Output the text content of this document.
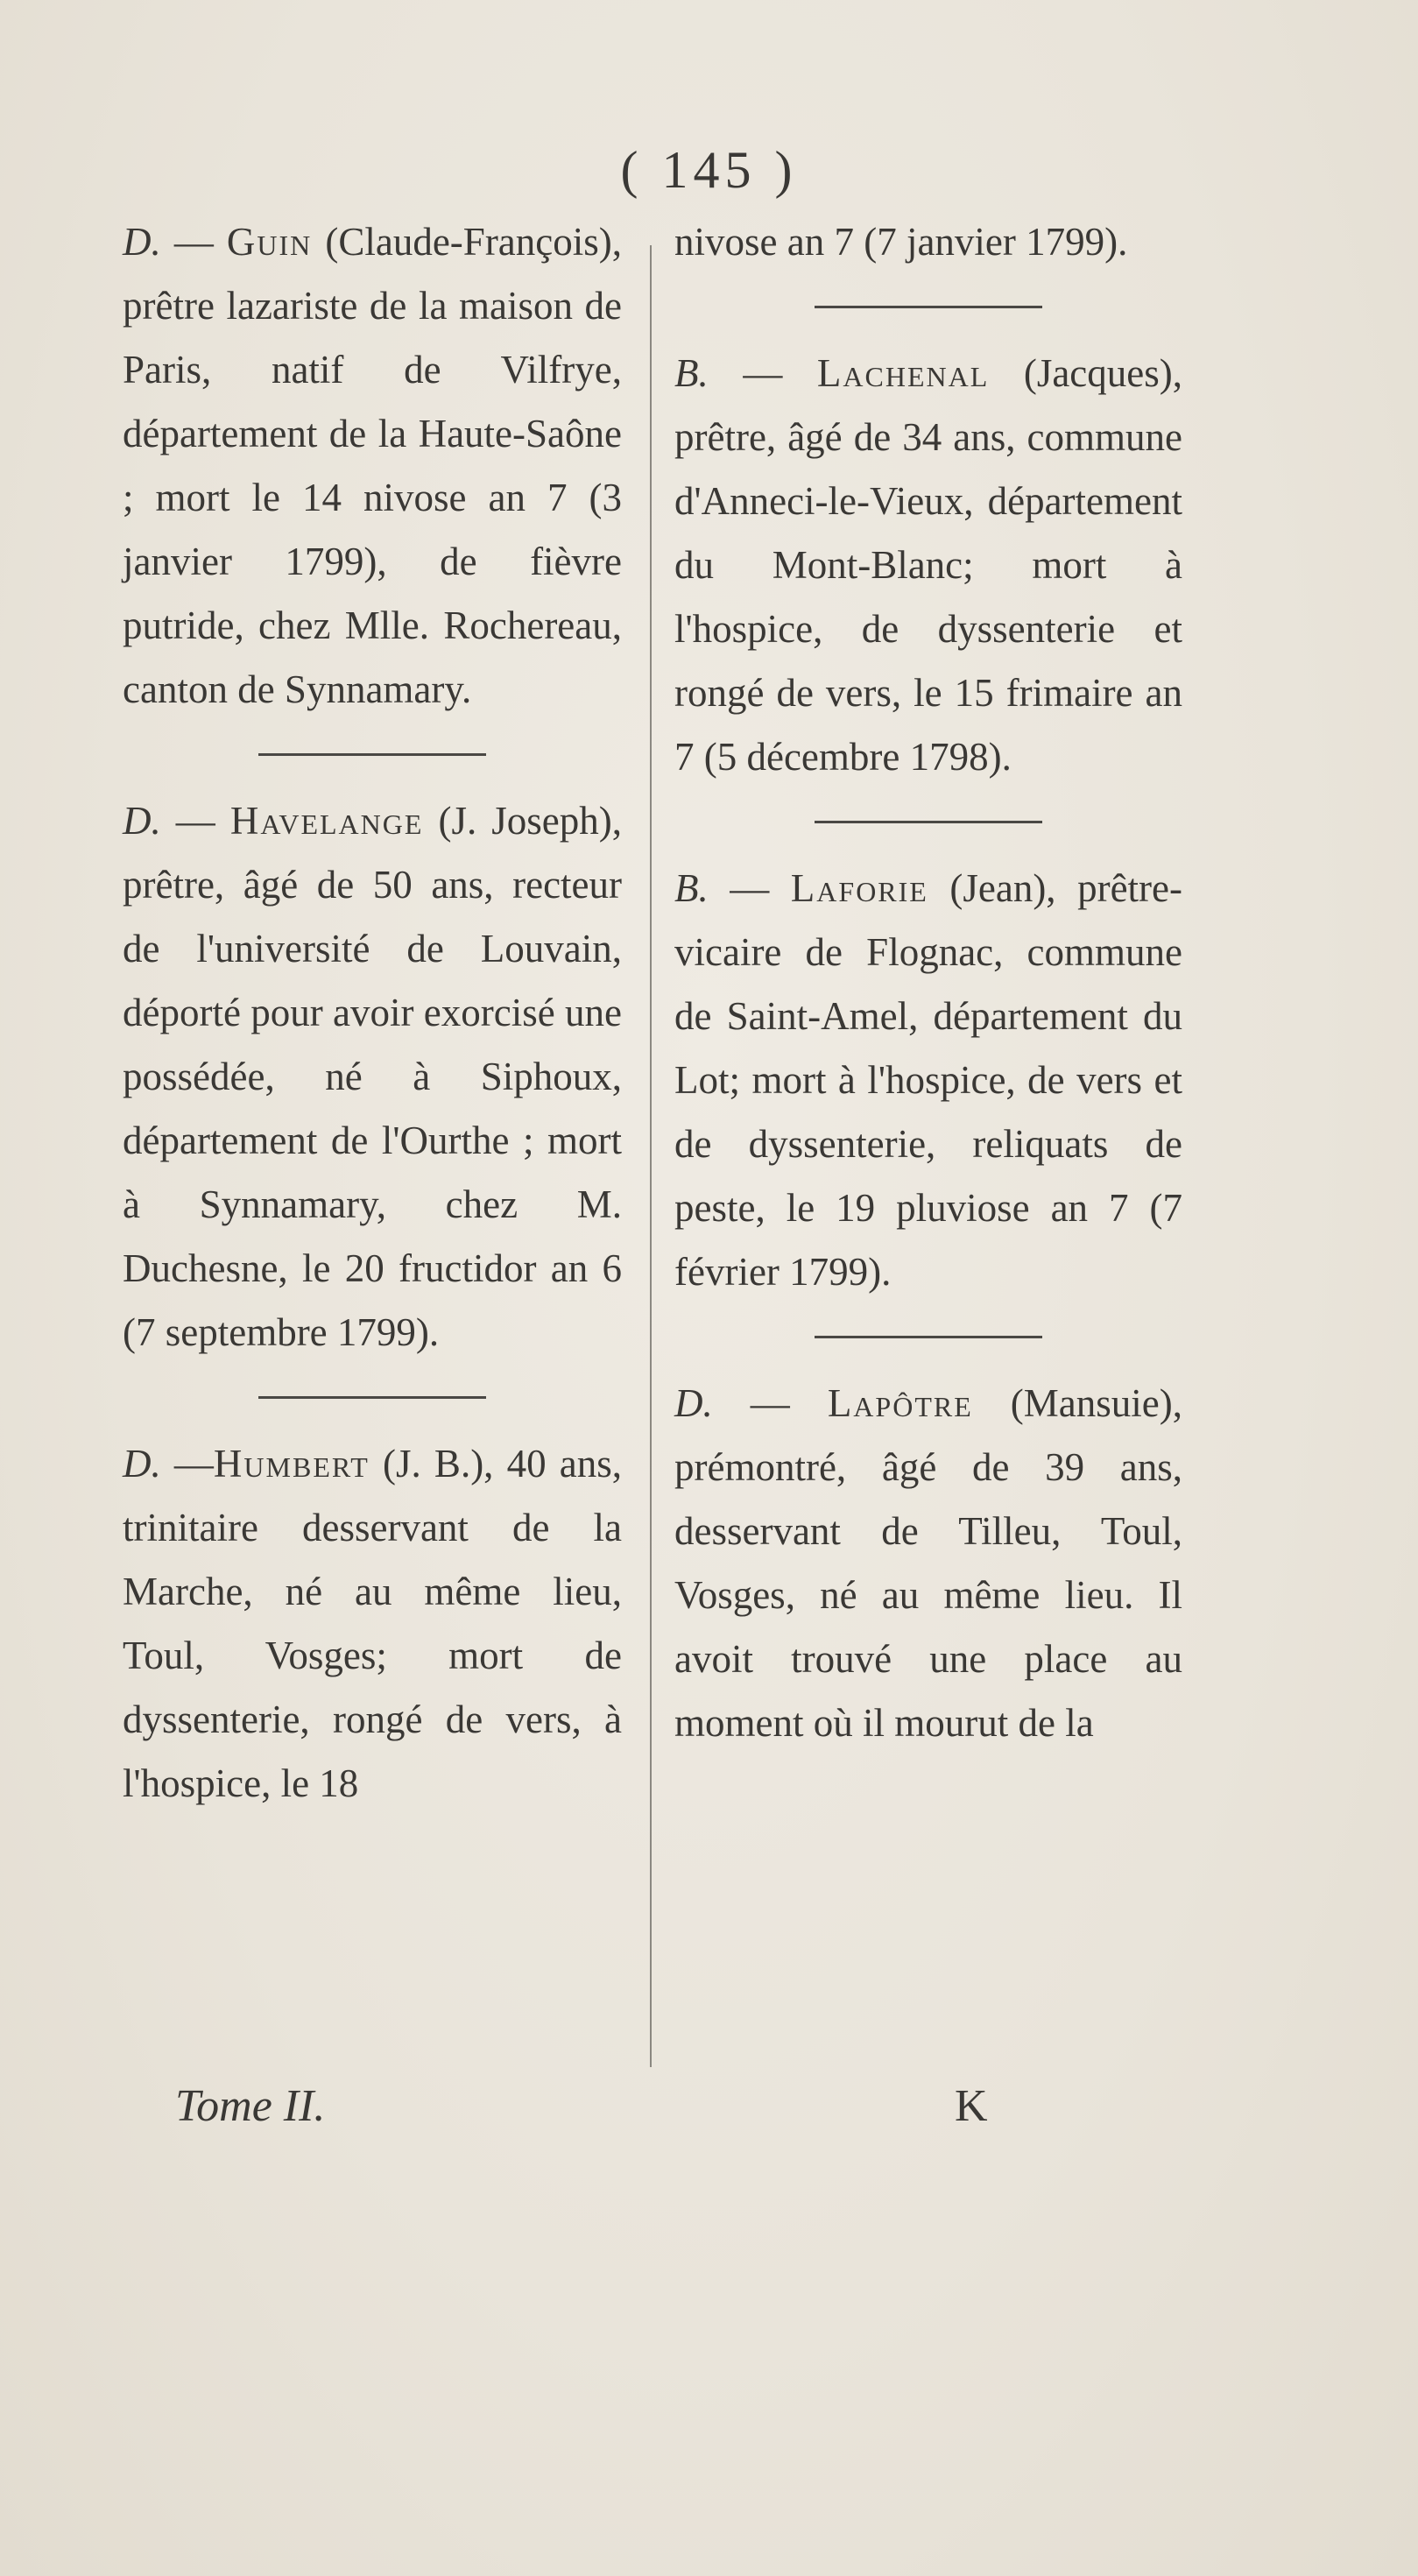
( 145 )

D. — Guin (Claude-François), prêtre lazariste de la maison de Paris, natif de Vilfrye, département de la Haute-Saône ; mort le 14 nivose an 7 (3 janvier 1799), de fièvre putride, chez Mlle. Rochereau, canton de Synnamary.

D. — Havelange (J. Joseph), prêtre, âgé de 50 ans, recteur de l'université de Louvain, déporté pour avoir exorcisé une possédée, né à Siphoux, département de l'Ourthe ; mort à Synnamary, chez M. Duchesne, le 20 fructidor an 6 (7 septembre 1799).

D. —Humbert (J. B.), 40 ans, trinitaire desservant de la Marche, né au même lieu, Toul, Vosges; mort de dyssenterie, rongé de vers, à l'hospice, le 18

nivose an 7 (7 janvier 1799).

B. — Lachenal (Jacques), prêtre, âgé de 34 ans, commune d'Anneci-le-Vieux, département du Mont-Blanc; mort à l'hospice, de dyssenterie et rongé de vers, le 15 frimaire an 7 (5 décembre 1798).

B. — Laforie (Jean), prêtre-vicaire de Flognac, commune de Saint-Amel, département du Lot; mort à l'hospice, de vers et de dyssenterie, reliquats de peste, le 19 pluviose an 7 (7 février 1799).

D. — Lapôtre (Mansuie), prémontré, âgé de 39 ans, desservant de Tilleu, Toul, Vosges, né au même lieu. Il avoit trouvé une place au moment où il mourut de la

Tome II.	K
